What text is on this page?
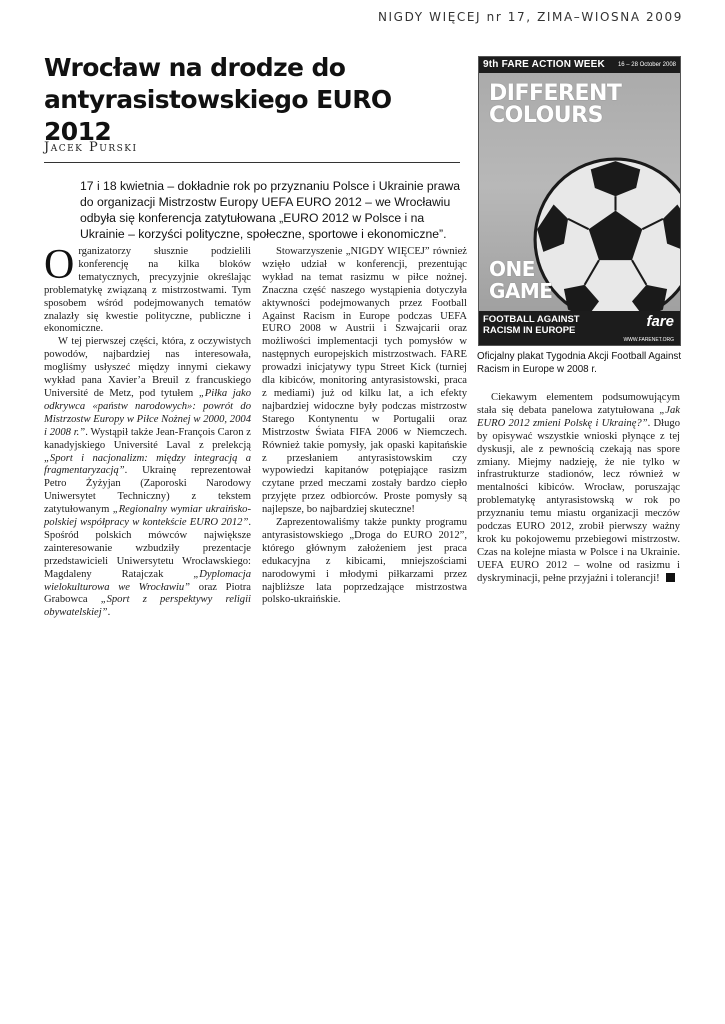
NIGDY WIĘCEJ nr 17, ZIMA–WIOSNA 2009
Wrocław na drodze do antyrasistowskiego EURO 2012
Jacek Purski

17 i 18 kwietnia – dokładnie rok po przyznaniu Polsce i Ukrainie prawa do organizacji Mistrzostw Europy UEFA EURO 2012 – we Wrocławiu odbyła się konferencja zatytułowana „EURO 2012 w Polsce i na Ukrainie – korzyści polityczne, społeczne, sportowe i ekonomiczne”.

Organizatorzy słusznie podzielili konferencję na kilka bloków tematycznych, precyzyjnie określając problematykę związaną z mistrzostwami. Tym sposobem wśród podejmowanych tematów znalazły się kwestie polityczne, publiczne i ekonomiczne.

W tej pierwszej części, która, z oczywistych powodów, najbardziej nas interesowała, mogliśmy usłyszeć między innymi ciekawy wykład pana Xavier’a Breuil z francuskiego Université de Metz, pod tytułem „Piłka jako odkrywca «państw narodowych»: powrót do Mistrzostw Europy w Piłce Nożnej w 2000, 2004 i 2008 r.”. Wystąpił także Jean-François Caron z kanadyjskiego Université Laval z prelekcją „Sport i nacjonalizm: między integracją a fragmentaryzacją”. Ukrainę reprezentował Petro Żyżyjan (Zaporoski Narodowy Uniwersytet Techniczny) z tekstem zatytułowanym „Regionalny wymiar ukraińsko-polskiej współpracy w kontekście EURO 2012”. Spośród polskich mówców największe zainteresowanie wzbudziły prezentacje przedstawicieli Uniwersytetu Wrocławskiego: Magdaleny Ratajczak „Dyplomacja wielokulturowa we Wrocławiu” oraz Piotra Grabowca „Sport z perspektywy religii obywatelskiej”.

Stowarzyszenie „NIGDY WIĘCEJ” również wzięło udział w konferencji, prezentując wykład na temat rasizmu w piłce nożnej. Znaczna część naszego wystąpienia dotyczyła aktywności podejmowanych przez Football Against Racism in Europe podczas UEFA EURO 2008 w Austrii i Szwajcarii oraz możliwości implementacji tych pomysłów w następnych europejskich mistrzostwach. FARE prowadzi inicjatywy typu Street Kick (turniej dla kibiców, monitoring antyrasistowski, praca z mediami) już od kilku lat, a ich efekty najbardziej widoczne były podczas mistrzostw Starego Kontynentu w Portugalii oraz Mistrzostw Świata FIFA 2006 w Niemczech. Również takie pomysły, jak opaski kapitańskie z przesłaniem antyrasistowskim czy wypowiedzi kapitanów potępiające rasizm czytane przed meczami zostały bardzo ciepło przyjęte przez odbiorców. Proste pomysły są najlepsze, bo najbardziej skuteczne!

Zaprezentowaliśmy także punkty programu antyrasistowskiego „Droga do EURO 2012”, którego głównym założeniem jest praca edukacyjna z kibicami, mniejszościami narodowymi i młodymi piłkarzami przez najbliższe lata poprzedzające mistrzostwa polsko-ukraińskie.

9th FARE ACTION WEEK 16 – 28 October 2008
DIFFERENT
COLOURS
ONE
GAME
FOOTBALL AGAINST RACISM IN EUROPE
fare
WWW.FARENET.ORG

Oficjalny plakat Tygodnia Akcji Football Against Racism in Europe w 2008 r.

Ciekawym elementem podsumowującym stała się debata panelowa zatytułowana „Jak EURO 2012 zmieni Polskę i Ukrainę?”. Długo by opisywać wszystkie wnioski płynące z tej dyskusji, ale z pewnością czekają nas spore zmiany. Miejmy nadzieję, że nie tylko w infrastrukturze stadionów, lecz również w mentalności kibiców. Wrocław, poruszając problematykę antyrasistowską w rok po przyznaniu temu miastu organizacji meczów podczas EURO 2012, zrobił pierwszy ważny krok ku pokojowemu przebiegowi mistrzostw. Czas na kolejne miasta w Polsce i na Ukrainie. UEFA EURO 2012 – wolne od rasizmu i dyskryminacji, pełne przyjaźni i tolerancji!
